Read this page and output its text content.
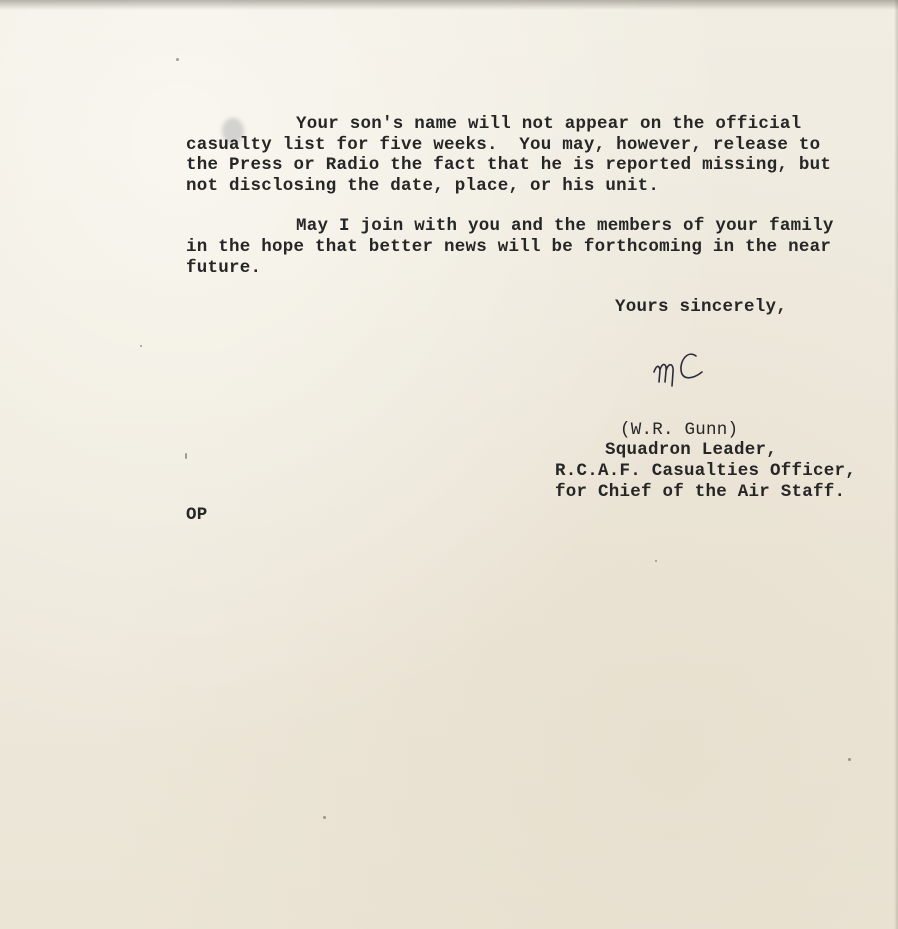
Your son's name will not appear on the official
casualty list for five weeks.  You may, however, release to
the Press or Radio the fact that he is reported missing, but
not disclosing the date, place, or his unit.
May I join with you and the members of your family
in the hope that better news will be forthcoming in the near
future.
Yours sincerely,
(W.R. Gunn)
Squadron Leader,
R.C.A.F. Casualties Officer,
for Chief of the Air Staff.
OP
